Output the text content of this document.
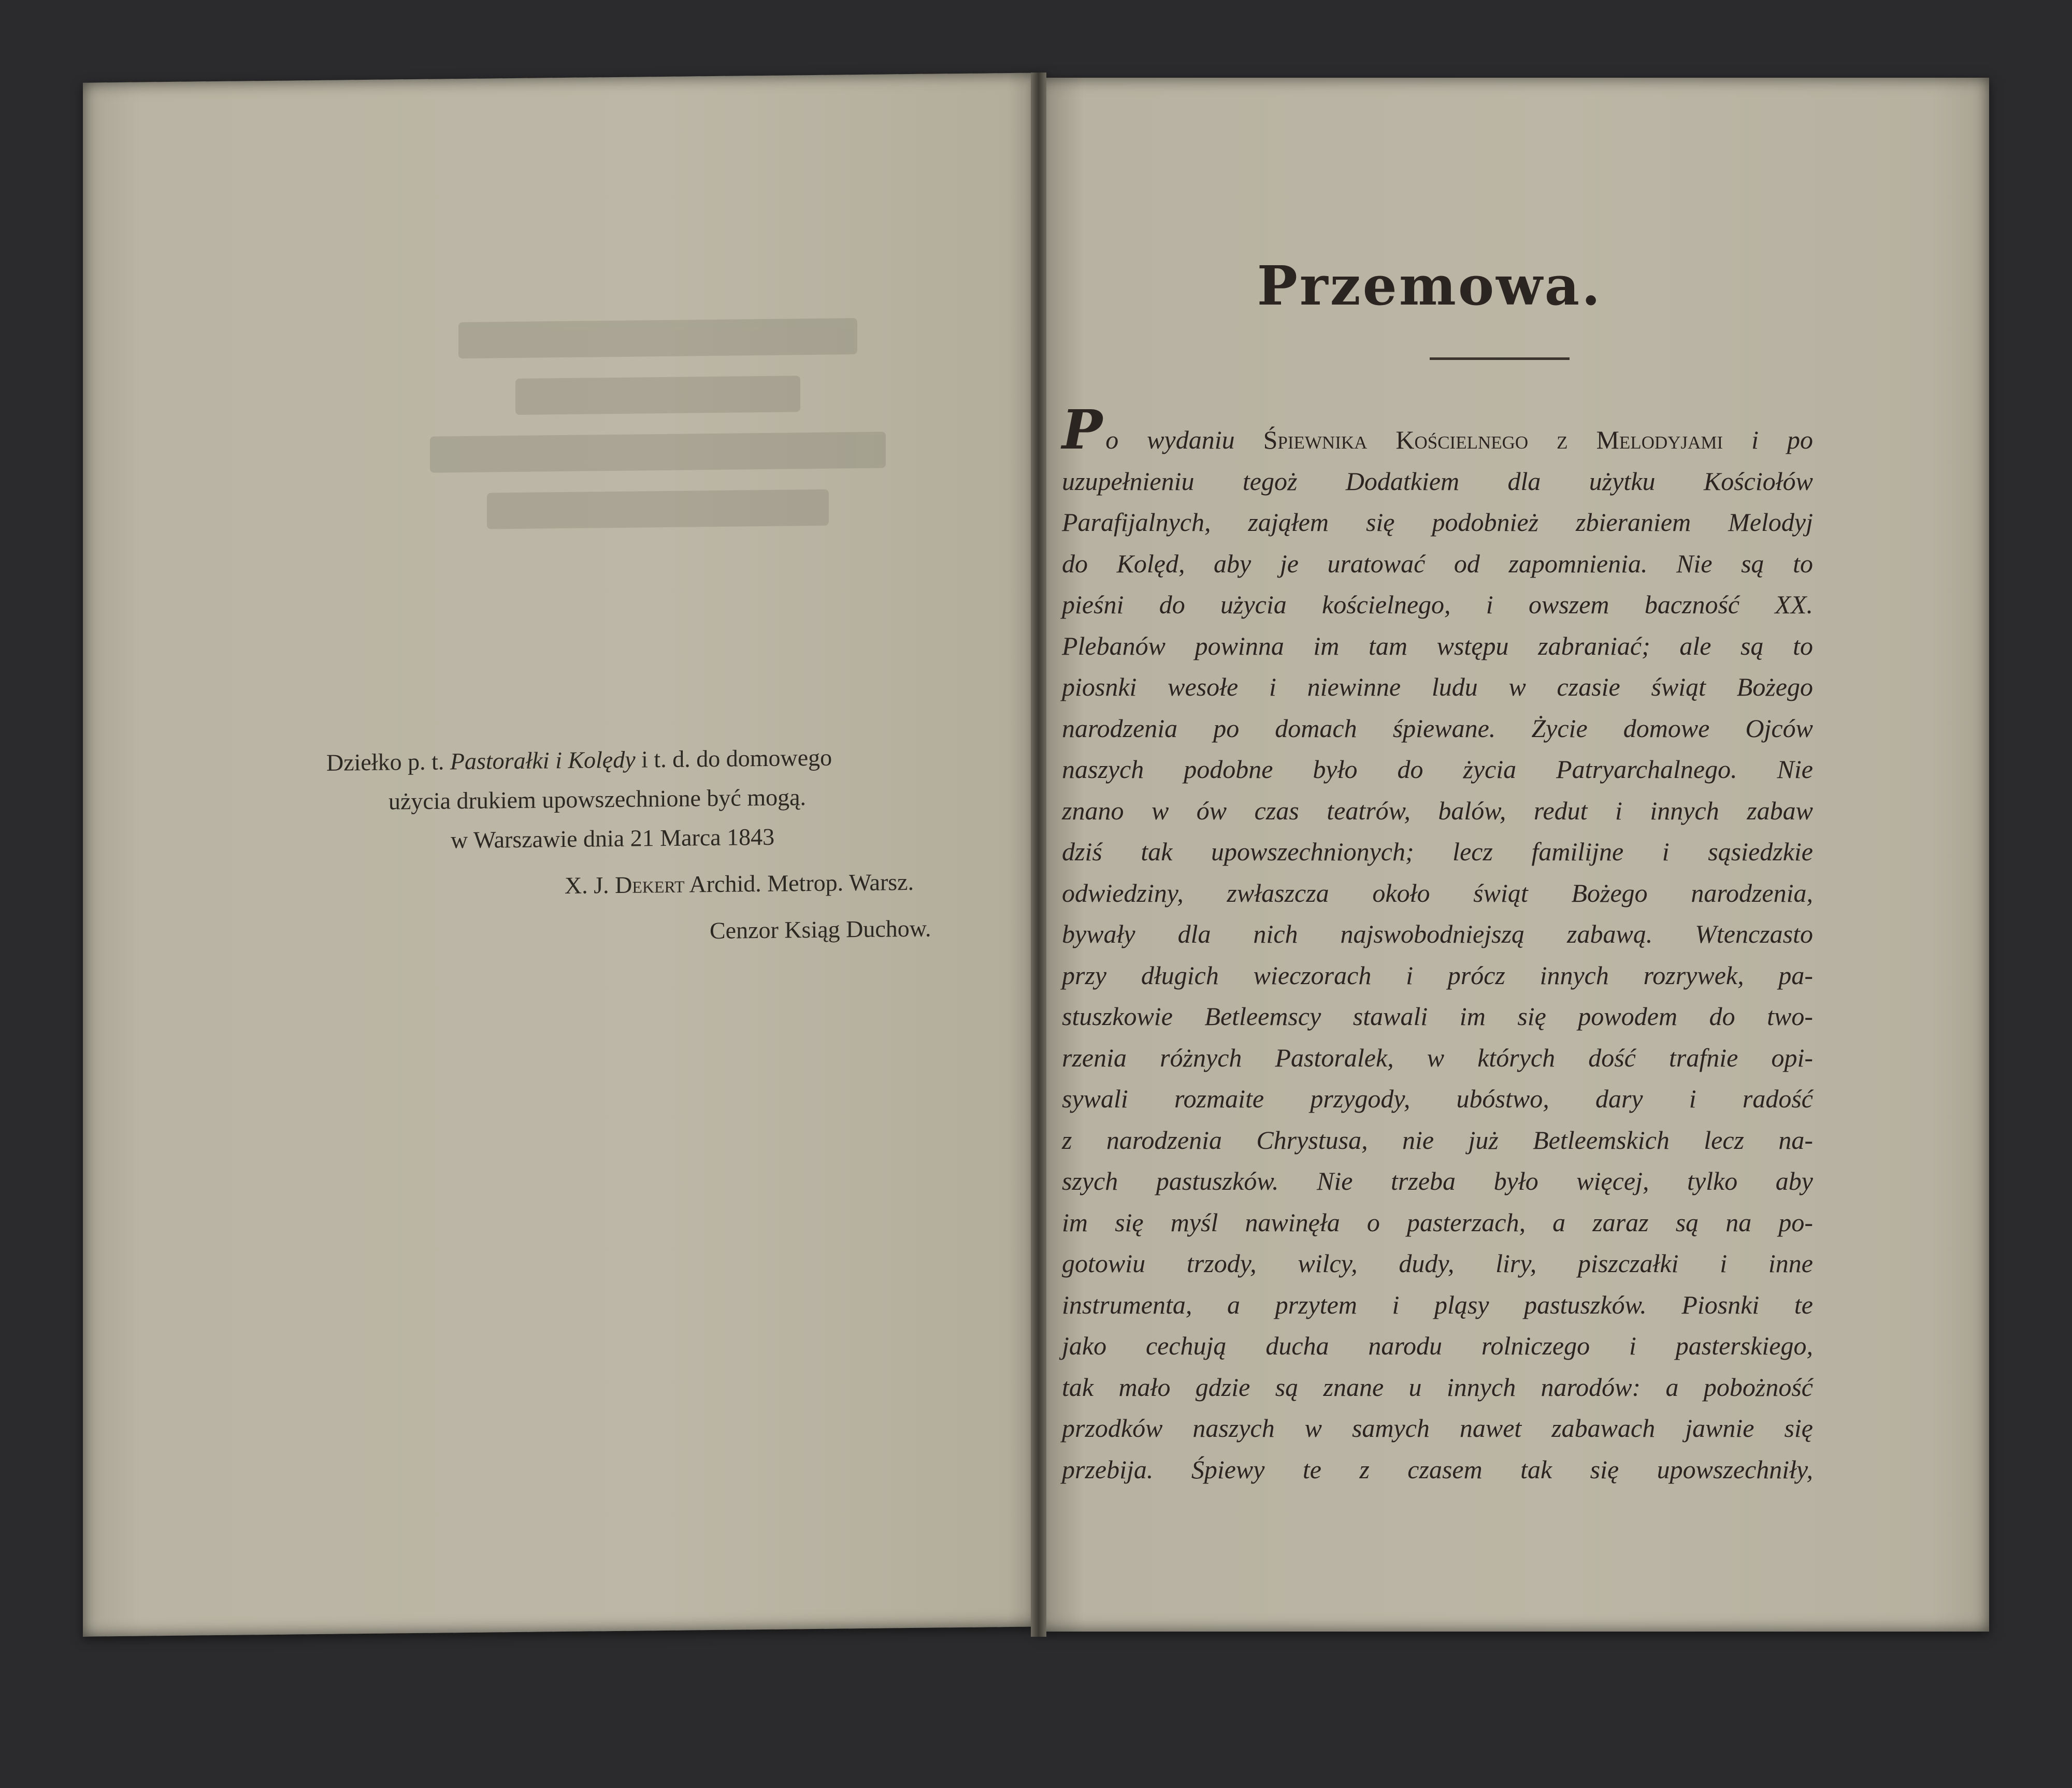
Dziełko p. t. Pastorałki i Kolędy i t. d. do domowego
użycia drukiem upowszechnione być mogą.
w Warszawie dnia 21 Marca 1843
X. J. Dekert Archid. Metrop. Warsz.
Cenzor Ksiąg Duchow.
Przemowa.
Po wydaniu Śpiewnika Kościelnego z Melodyjami i po
uzupełnieniu tegoż Dodatkiem dla użytku Kościołów
Parafijalnych, zająłem się podobnież zbieraniem Melodyj
do Kolęd, aby je uratować od zapomnienia. Nie są to
pieśni do użycia kościelnego, i owszem baczność XX.
Plebanów powinna im tam wstępu zabraniać; ale są to
piosnki wesołe i niewinne ludu w czasie świąt Bożego
narodzenia po domach śpiewane. Życie domowe Ojców
naszych podobne było do życia Patryarchalnego. Nie
znano w ów czas teatrów, balów, redut i innych zabaw
dziś tak upowszechnionych; lecz familijne i sąsiedzkie
odwiedziny, zwłaszcza około świąt Bożego narodzenia,
bywały dla nich najswobodniejszą zabawą. Wtenczasto
przy długich wieczorach i prócz innych rozrywek, pa-
stuszkowie Betleemscy stawali im się powodem do two-
rzenia różnych Pastoralek, w których dość trafnie opi-
sywali rozmaite przygody, ubóstwo, dary i radość
z narodzenia Chrystusa, nie już Betleemskich lecz na-
szych pastuszków. Nie trzeba było więcej, tylko aby
im się myśl nawinęła o pasterzach, a zaraz są na po-
gotowiu trzody, wilcy, dudy, liry, piszczałki i inne
instrumenta, a przytem i pląsy pastuszków. Piosnki te
jako cechują ducha narodu rolniczego i pasterskiego,
tak mało gdzie są znane u innych narodów: a pobożność
przodków naszych w samych nawet zabawach jawnie się
przebija. Śpiewy te z czasem tak się upowszechniły,
